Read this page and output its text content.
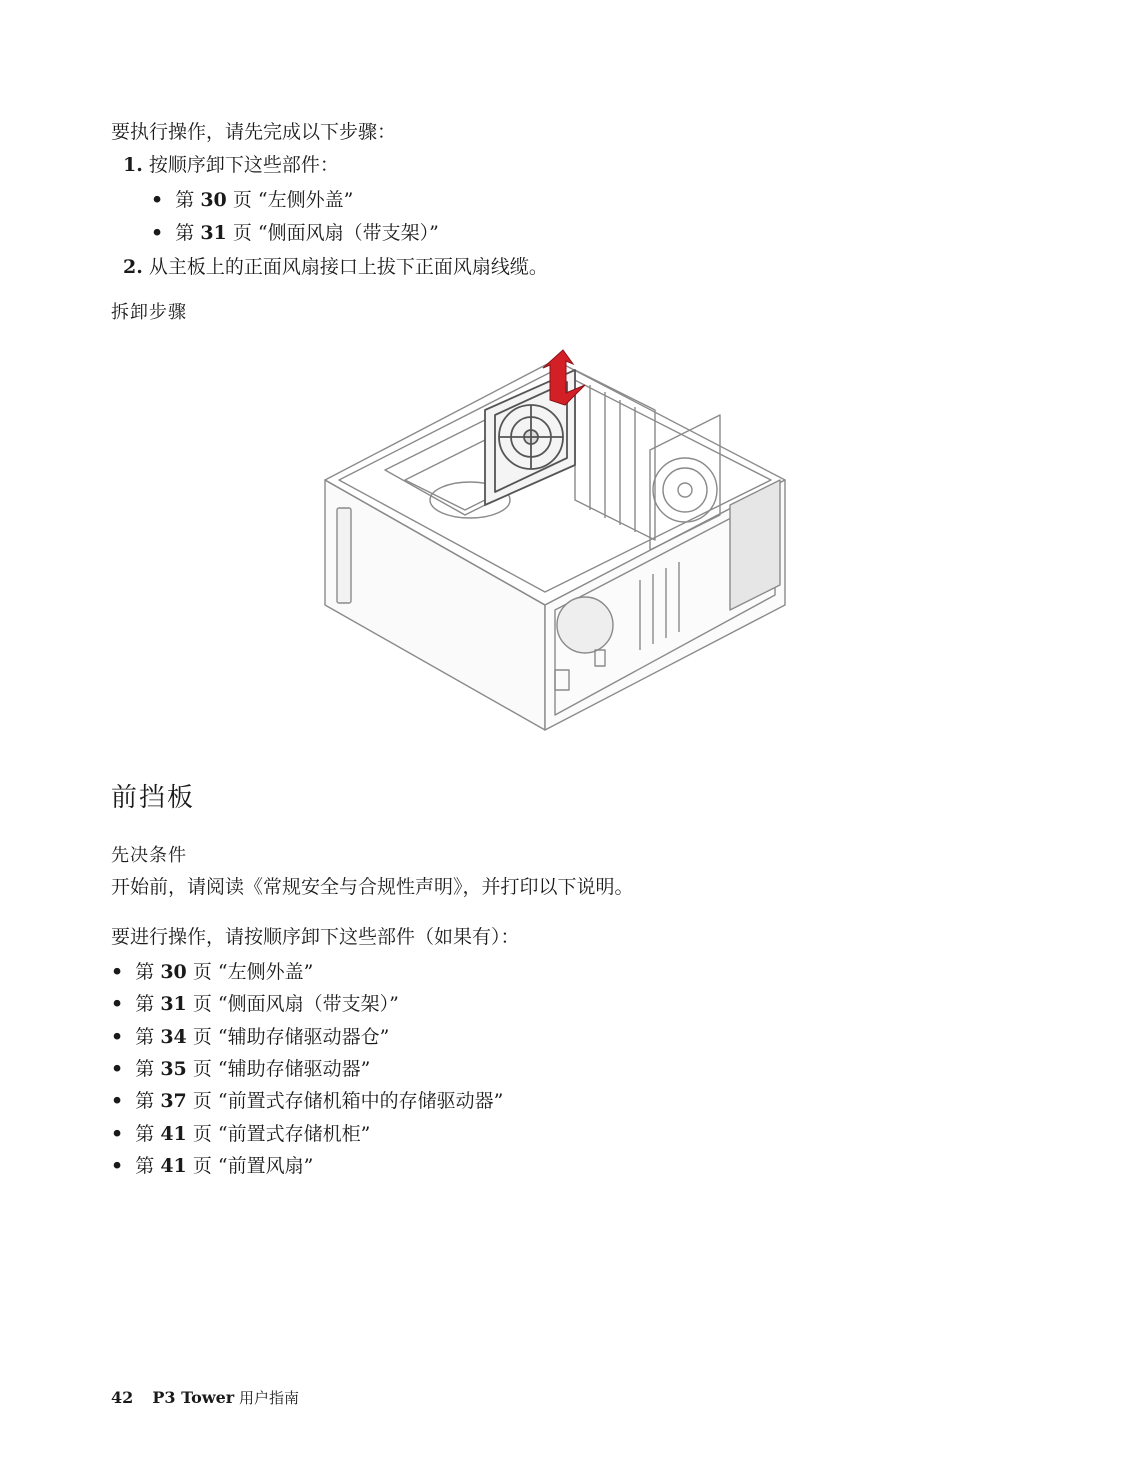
要执行操作，请先完成以下步骤：
1. 按顺序卸下这些部件：
• 第 30 页 “左侧外盖”
• 第 31 页 “侧面风扇（带支架）”
2. 从主板上的正面风扇接口上拔下正面风扇线缆。
拆卸步骤
前挡板
先决条件
开始前，请阅读《常规安全与合规性声明》，并打印以下说明。
要进行操作，请按顺序卸下这些部件（如果有）：
• 第 30 页 “左侧外盖”
• 第 31 页 “侧面风扇（带支架）”
• 第 34 页 “辅助存储驱动器仓”
• 第 35 页 “辅助存储驱动器”
• 第 37 页 “前置式存储机箱中的存储驱动器”
• 第 41 页 “前置式存储机柜”
• 第 41 页 “前置风扇”
42 P3 Tower 用户指南
